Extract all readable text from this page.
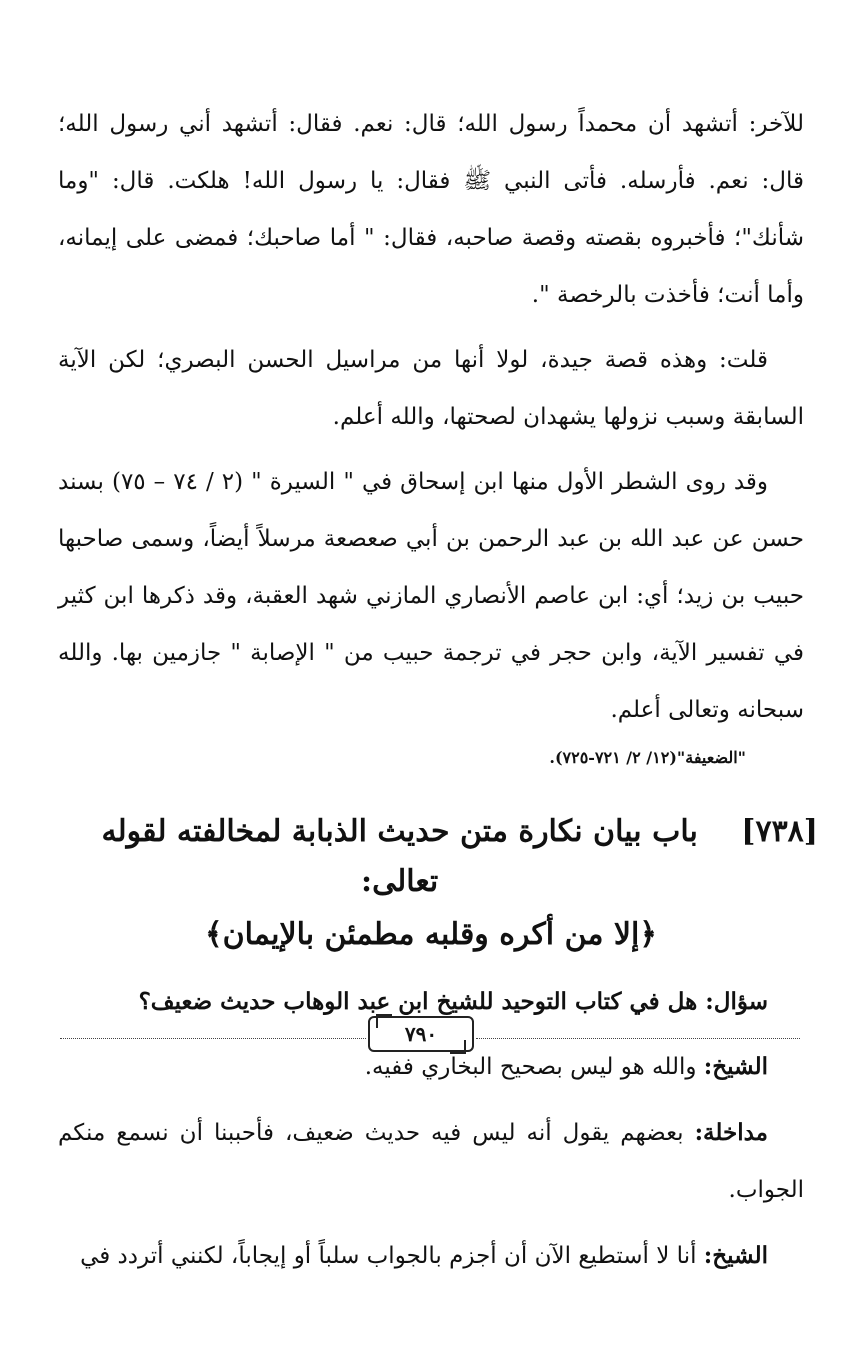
للآخر: أتشهد أن محمداً رسول الله؛ قال: نعم. فقال: أتشهد أني رسول الله؛ قال: نعم. فأرسله. فأتى النبي ﷺ فقال: يا رسول الله! هلكت. قال: "وما شأنك"؛ فأخبروه بقصته وقصة صاحبه، فقال: " أما صاحبك؛ فمضى على إيمانه، وأما أنت؛ فأخذت بالرخصة ".

قلت: وهذه قصة جيدة، لولا أنها من مراسيل الحسن البصري؛ لكن الآية السابقة وسبب نزولها يشهدان لصحتها، والله أعلم.

وقد روى الشطر الأول منها ابن إسحاق في " السيرة " (٢ / ٧٤ – ٧٥) بسند حسن عن عبد الله بن عبد الرحمن بن أبي صعصعة مرسلاً أيضاً، وسمى صاحبها حبيب بن زيد؛ أي: ابن عاصم الأنصاري المازني شهد العقبة، وقد ذكرها ابن كثير في تفسير الآية، وابن حجر في ترجمة حبيب من " الإصابة " جازمين بها. والله سبحانه وتعالى أعلم.

"الضعيفة"(١٢/ ٢/ ٧٢١-٧٢٥).

[٧٣٨]
باب بيان نكارة متن حديث الذبابة لمخالفته لقوله تعالى:
﴿إلا من أكره وقلبه مطمئن بالإيمان﴾

سؤال: هل في كتاب التوحيد للشيخ ابن عبد الوهاب حديث ضعيف؟

الشيخ: والله هو ليس بصحيح البخاري ففيه.

مداخلة: بعضهم يقول أنه ليس فيه حديث ضعيف، فأحببنا أن نسمع منكم الجواب.

الشيخ: أنا لا أستطيع الآن أن أجزم بالجواب سلباً أو إيجاباً، لكنني أتردد في

٧٩٠
